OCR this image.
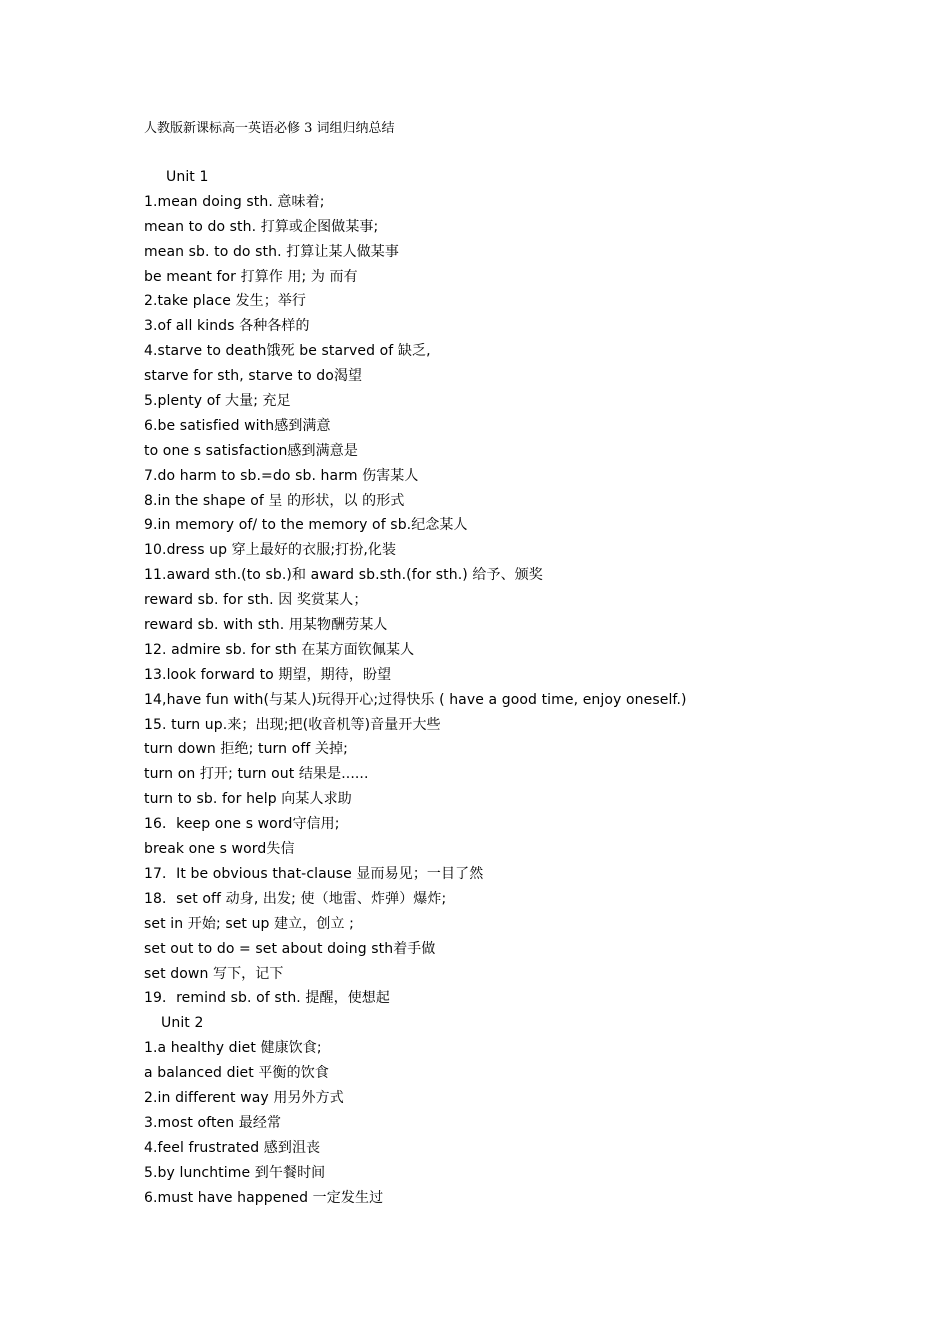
人教版新课标高一英语必修 3 词组归纳总结
Unit 1
1.mean doing sth. 意味着;
mean to do sth. 打算或企图做某事;
mean sb. to do sth. 打算让某人做某事
be meant for 打算作 用; 为 而有
2.take place 发生；举行
3.of all kinds 各种各样的
4.starve to death饿死 be starved of 缺乏,
starve for sth, starve to do渴望
5.plenty of 大量; 充足
6.be satisfied with感到满意
to one s satisfaction感到满意是
7.do harm to sb.=do sb. harm 伤害某人
8.in the shape of 呈 的形状，以 的形式
9.in memory of/ to the memory of sb.纪念某人
10.dress up 穿上最好的衣服;打扮,化装
11.award sth.(to sb.)和 award sb.sth.(for sth.) 给予、颁奖
reward sb. for sth. 因 奖赏某人；
reward sb. with sth. 用某物酬劳某人
12. admire sb. for sth 在某方面钦佩某人
13.look forward to 期望，期待，盼望
14,have fun with(与某人)玩得开心;过得快乐 ( have a good time, enjoy oneself.)
15. turn up.来；出现;把(收音机等)音量开大些
turn down 拒绝; turn off 关掉;
turn on 打开; turn out 结果是......
turn to sb. for help 向某人求助
16．keep one s word守信用;
break one s word失信
17．It be obvious that-clause 显而易见；一目了然
18．set off 动身, 出发; 使（地雷、炸弹）爆炸;
set in 开始; set up 建立，创立 ;
set out to do = set about doing sth着手做
set down 写下，记下
19．remind sb. of sth. 提醒，使想起
Unit 2
1.a healthy diet 健康饮食;
a balanced diet 平衡的饮食
2.in different way 用另外方式
3.most often 最经常
4.feel frustrated 感到沮丧
5.by lunchtime 到午餐时间
6.must have happened 一定发生过
